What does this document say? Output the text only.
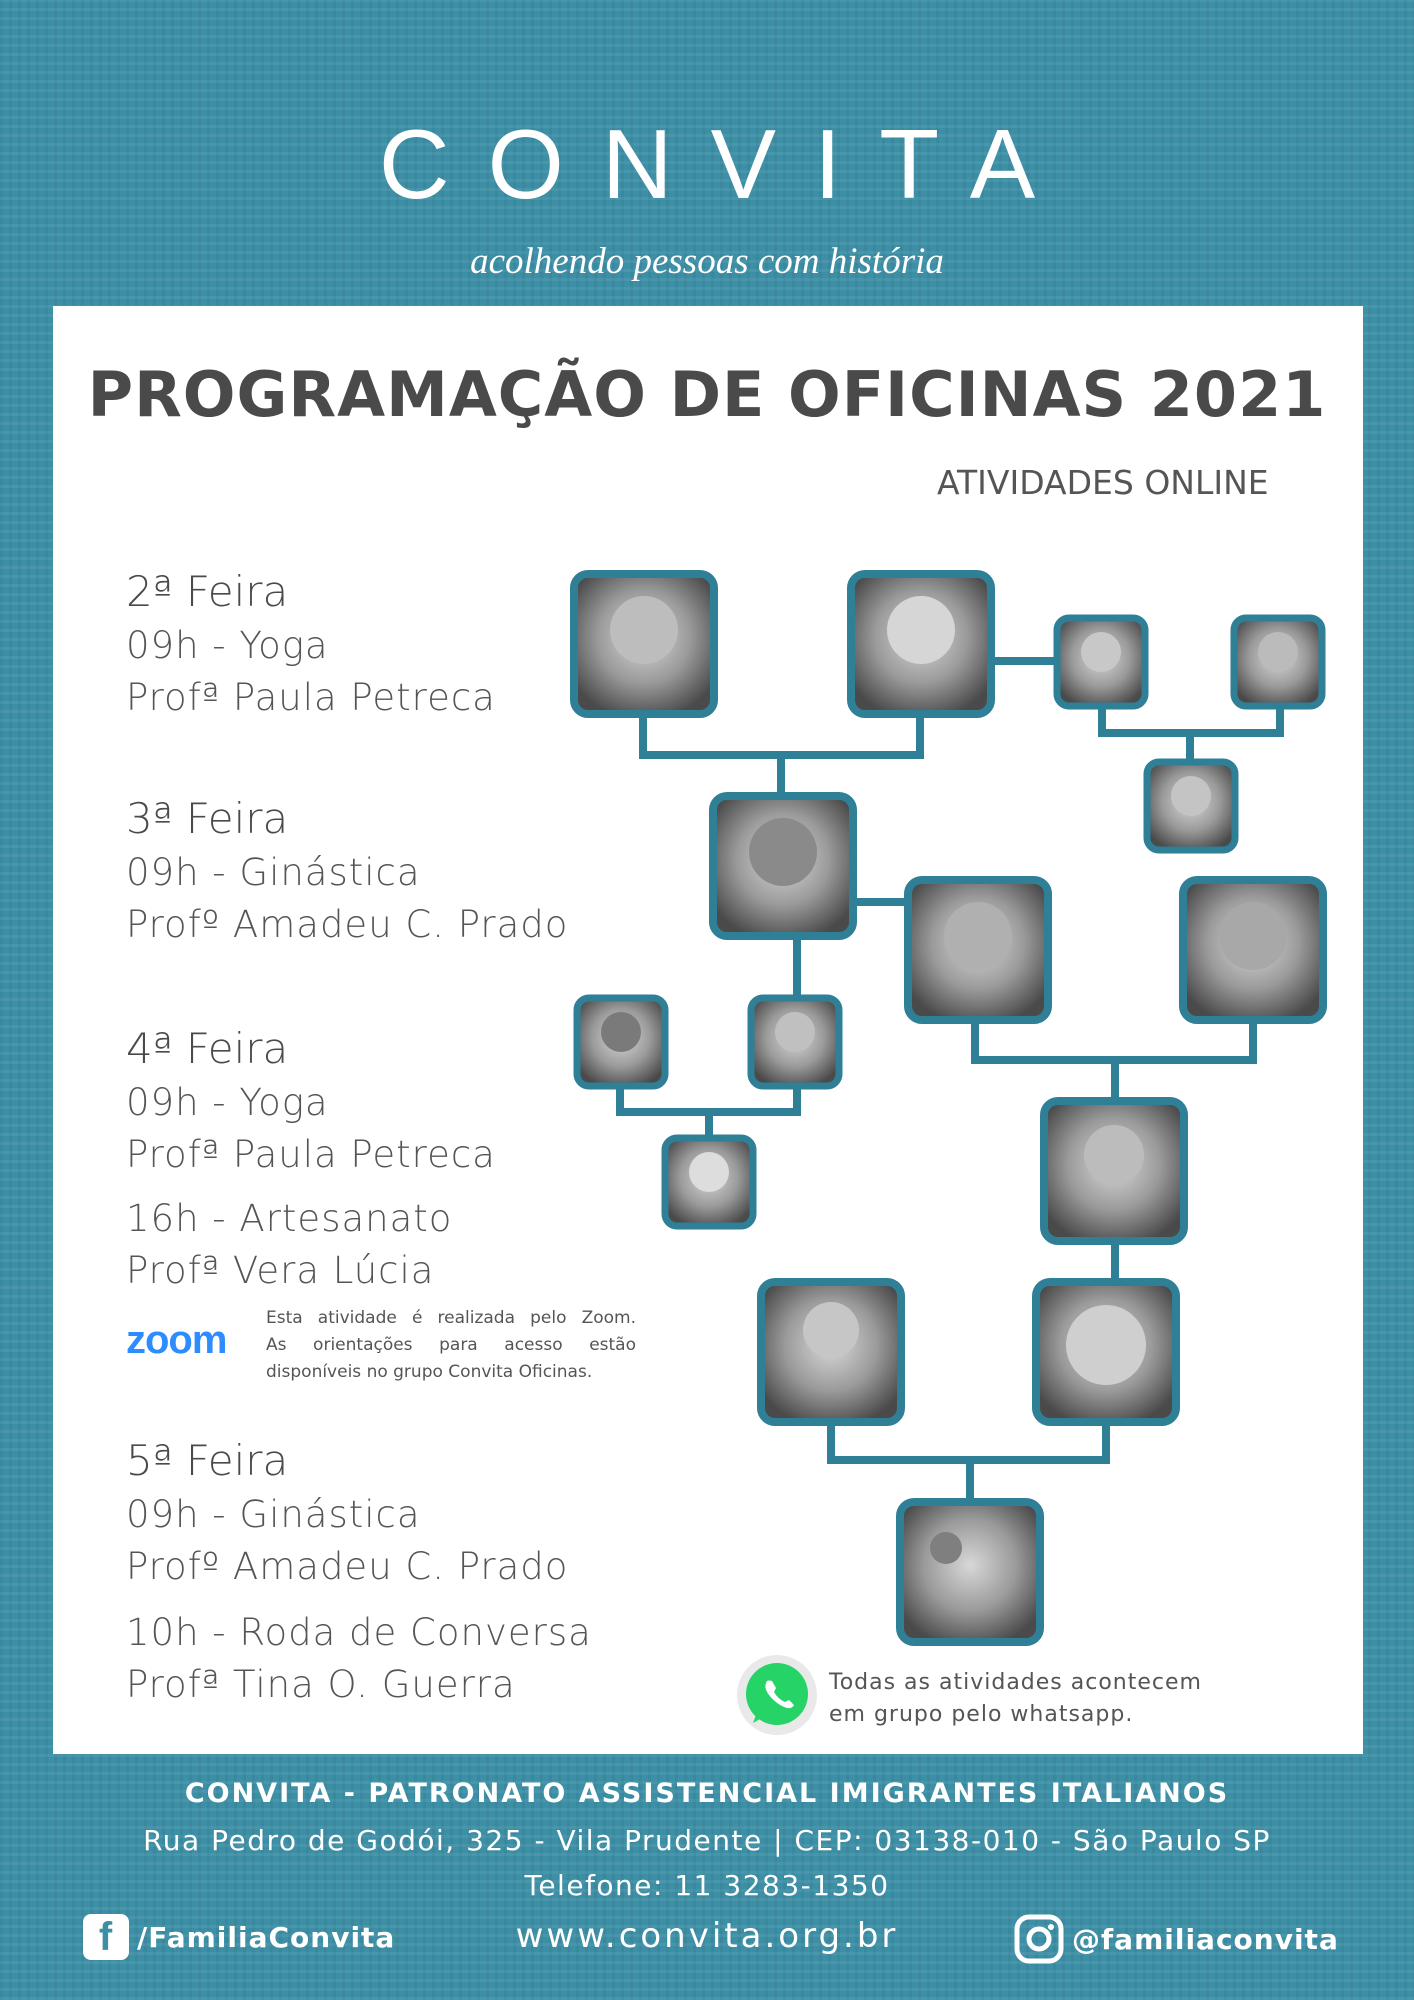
CONVITA
acolhendo pessoas com história
PROGRAMAÇÃO DE OFICINAS 2021
ATIVIDADES ONLINE
2ª Feira
09h - Yoga
Profª Paula Petreca
3ª Feira
09h - Ginástica
Profº Amadeu C. Prado
4ª Feira
09h - Yoga
Profª Paula Petreca
16h - Artesanato
Profª Vera Lúcia
zoom Esta atividade é realizada pelo Zoom.
As orientações para acesso estão
disponíveis no grupo Convita Oficinas.
5ª Feira
09h - Ginástica
Profº Amadeu C. Prado
10h - Roda de Conversa
Profª Tina O. Guerra	Todas as atividades acontecem
em grupo pelo whatsapp.
CONVITA - PATRONATO ASSISTENCIAL IMIGRANTES ITALIANOS
Rua Pedro de Godói, 325 - Vila Prudente | CEP: 03138-010 - São Paulo SP
Telefone: 11 3283-1350
f /FamiliaConvita	www.convita.org.br	@familiaconvita
